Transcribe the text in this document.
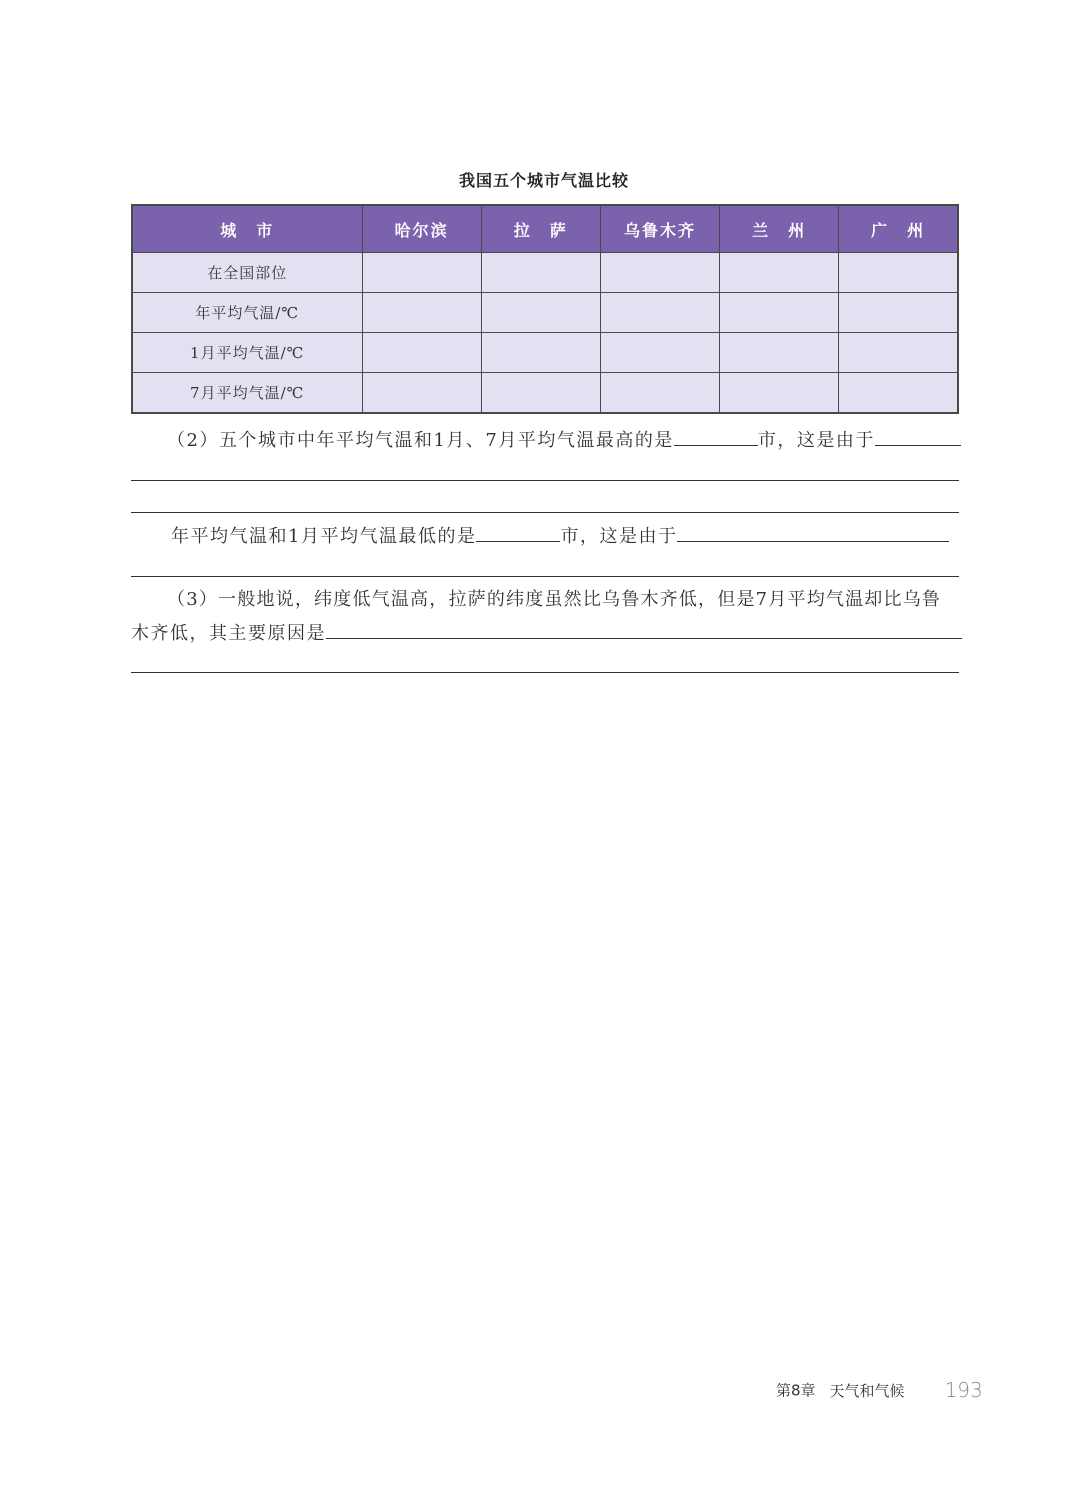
我国五个城市气温比较
城　市	哈尔滨	拉　萨	乌鲁木齐	兰　州	广　州
在全国部位					
年平均气温/℃					
1月平均气温/℃					
7月平均气温/℃					
（2）五个城市中年平均气温和1月、7月平均气温最高的是	市，这是由于
年平均气温和1月平均气温最低的是	市，这是由于
（3）一般地说，纬度低气温高，拉萨的纬度虽然比乌鲁木齐低，但是7月平均气温却比乌鲁
木齐低，其主要原因是
第8章 天气和气候 193
